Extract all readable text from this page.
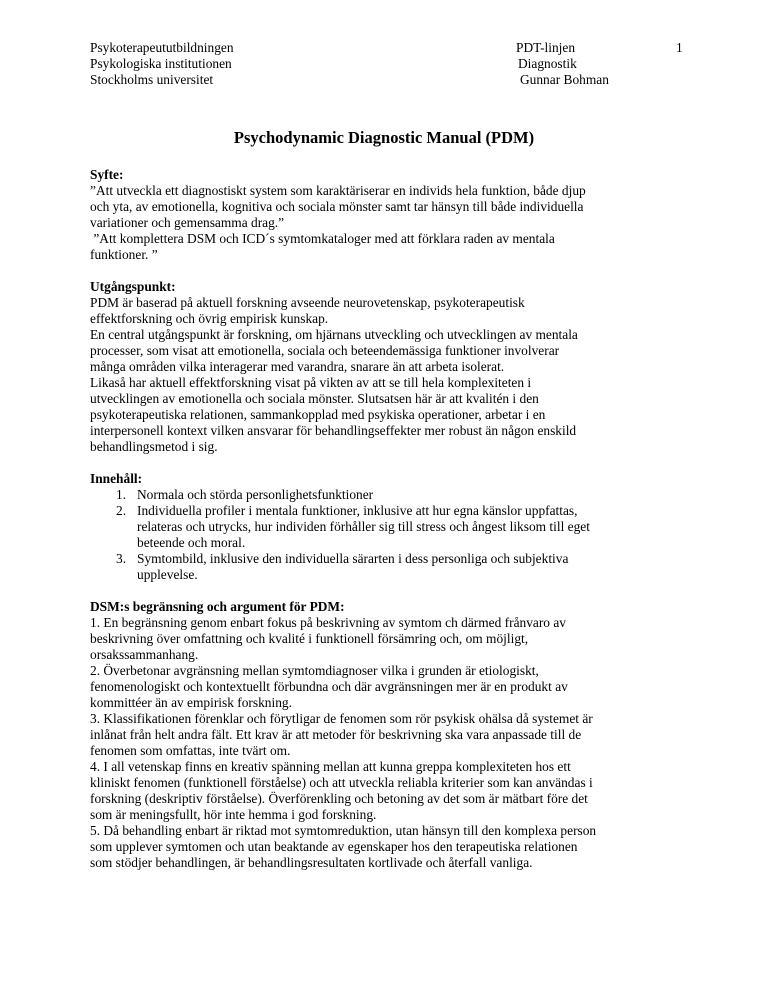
Psykoterapeututbildningen
Psykologiska institutionen
Stockholms universitet
PDT-linjen
Diagnostik
Gunnar Bohman
1
Psychodynamic Diagnostic Manual (PDM)
Syfte:
”Att utveckla ett diagnostiskt system som karaktäriserar en individs hela funktion, både djup
och yta, av emotionella, kognitiva och sociala mönster samt tar hänsyn till både individuella
variationer och gemensamma drag.”
”Att komplettera DSM och ICD´s symtomkataloger med att förklara raden av mentala
funktioner. ”
Utgångspunkt:
PDM är baserad på aktuell forskning avseende neurovetenskap, psykoterapeutisk
effektforskning och övrig empirisk kunskap.
En central utgångspunkt är forskning, om hjärnans utveckling och utvecklingen av mentala
processer, som visat att emotionella, sociala och beteendemässiga funktioner involverar
många områden vilka interagerar med varandra, snarare än att arbeta isolerat.
Likaså har aktuell effektforskning visat på vikten av att se till hela komplexiteten i
utvecklingen av emotionella och sociala mönster. Slutsatsen här är att kvalitén i den
psykoterapeutiska relationen, sammankopplad med psykiska operationer, arbetar i en
interpersonell kontext vilken ansvarar för behandlingseffekter mer robust än någon enskild
behandlingsmetod i sig.
Innehåll:
1. Normala och störda personlighetsfunktioner
2. Individuella profiler i mentala funktioner, inklusive att hur egna känslor uppfattas,
relateras och utrycks, hur individen förhåller sig till stress och ångest liksom till eget
beteende och moral.
3. Symtombild, inklusive den individuella särarten i dess personliga och subjektiva
upplevelse.
DSM:s begränsning och argument för PDM:
1. En begränsning genom enbart fokus på beskrivning av symtom ch därmed frånvaro av
beskrivning över omfattning och kvalité i funktionell försämring och, om möjligt,
orsakssammanhang.
2. Överbetonar avgränsning mellan symtomdiagnoser vilka i grunden är etiologiskt,
fenomenologiskt och kontextuellt förbundna och där avgränsningen mer är en produkt av
kommittéer än av empirisk forskning.
3. Klassifikationen förenklar och förytligar de fenomen som rör psykisk ohälsa då systemet är
inlånat från helt andra fält. Ett krav är att metoder för beskrivning ska vara anpassade till de
fenomen som omfattas, inte tvärt om.
4. I all vetenskap finns en kreativ spänning mellan att kunna greppa komplexiteten hos ett
kliniskt fenomen (funktionell förståelse) och att utveckla reliabla kriterier som kan användas i
forskning (deskriptiv förståelse). Överförenkling och betoning av det som är mätbart före det
som är meningsfullt, hör inte hemma i god forskning.
5. Då behandling enbart är riktad mot symtomreduktion, utan hänsyn till den komplexa person
som upplever symtomen och utan beaktande av egenskaper hos den terapeutiska relationen
som stödjer behandlingen, är behandlingsresultaten kortlivade och återfall vanliga.
